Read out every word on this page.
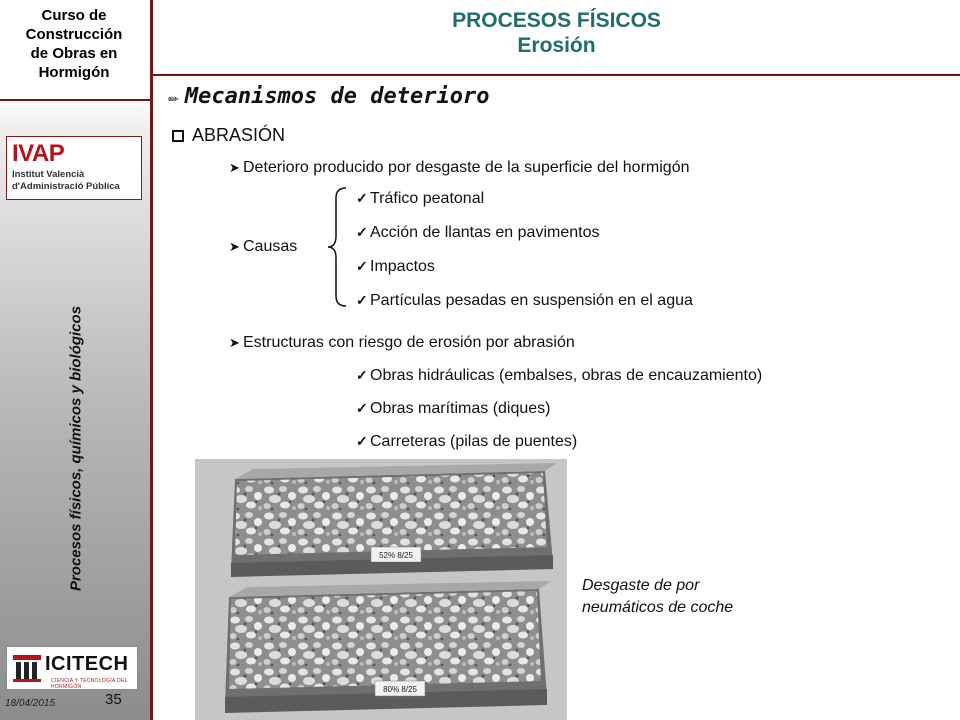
Curso de
Construcción
de Obras en
Hormigón
IVAP
Institut Valencià
d'Administració Pública
Procesos físicos, químicos y biológicos
ICITECH
CIENCIA Y TECNOLOGÍA DEL HORMIGÓN
18/04/2015	35
PROCESOS FÍSICOS
Erosión
✏ Mecanismos de deterioro
ABRASIÓN
➤ Deterioro producido por desgaste de la superficie del hormigón
➤ Causas
✓ Tráfico peatonal
✓ Acción de llantas en pavimentos
✓ Impactos
✓ Partículas pesadas en suspensión en el agua
➤ Estructuras con riesgo de erosión por abrasión
✓ Obras hidráulicas (embalses, obras de encauzamiento)
✓ Obras marítimas (diques)
✓ Carreteras (pilas de puentes)
52% 8/25
80% 8/25
Desgaste de por
neumáticos de coche
